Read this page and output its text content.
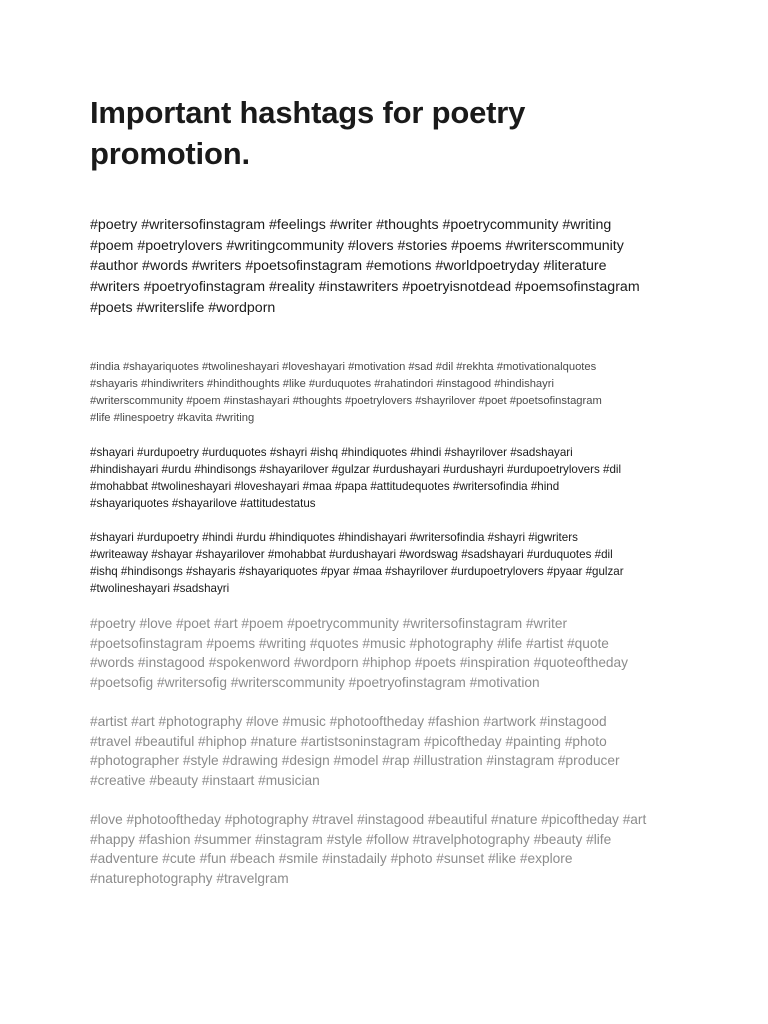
Important hashtags for poetry promotion.

#poetry #writersofinstagram #feelings #writer #thoughts #poetrycommunity #writing
#poem #poetrylovers #writingcommunity #lovers #stories #poems #writerscommunity
#author #words #writers #poetsofinstagram #emotions #worldpoetryday #literature
#writers #poetryofinstagram #reality #instawriters #poetryisnotdead #poemsofinstagram
#poets #writerslife #wordporn

#india #shayariquotes #twolineshayari #loveshayari #motivation #sad #dil #rekhta #motivationalquotes
#shayaris #hindiwriters #hindithoughts #like #urduquotes #rahatindori #instagood #hindishayri
#writerscommunity #poem #instashayari #thoughts #poetrylovers #shayrilover #poet #poetsofinstagram
#life #linespoetry #kavita #writing

#shayari #urdupoetry #urduquotes #shayri #ishq #hindiquotes #hindi #shayrilover #sadshayari
#hindishayari #urdu #hindisongs #shayarilover #gulzar #urdushayari #urdushayri #urdupoetrylovers #dil
#mohabbat #twolineshayari #loveshayari #maa #papa #attitudequotes #writersofindia #hind
#shayariquotes #shayarilove #attitudestatus

#shayari #urdupoetry #hindi #urdu #hindiquotes #hindishayari #writersofindia #shayri #igwriters
#writeaway #shayar #shayarilover #mohabbat #urdushayari #wordswag #sadshayari #urduquotes #dil
#ishq #hindisongs #shayaris #shayariquotes #pyar #maa #shayrilover #urdupoetrylovers #pyaar #gulzar
#twolineshayari #sadshayri

#poetry #love #poet #art #poem #poetrycommunity #writersofinstagram #writer
#poetsofinstagram #poems #writing #quotes #music #photography #life #artist #quote
#words #instagood #spokenword #wordporn #hiphop #poets #inspiration #quoteoftheday
#poetsofig #writersofig #writerscommunity #poetryofinstagram #motivation

#artist #art #photography #love #music #photooftheday #fashion #artwork #instagood
#travel #beautiful #hiphop #nature #artistsoninstagram #picoftheday #painting #photo
#photographer #style #drawing #design #model #rap #illustration #instagram #producer
#creative #beauty #instaart #musician

#love #photooftheday #photography #travel #instagood #beautiful #nature #picoftheday #art
#happy #fashion #summer #instagram #style #follow #travelphotography #beauty #life
#adventure #cute #fun #beach #smile #instadaily #photo #sunset #like #explore
#naturephotography #travelgram
